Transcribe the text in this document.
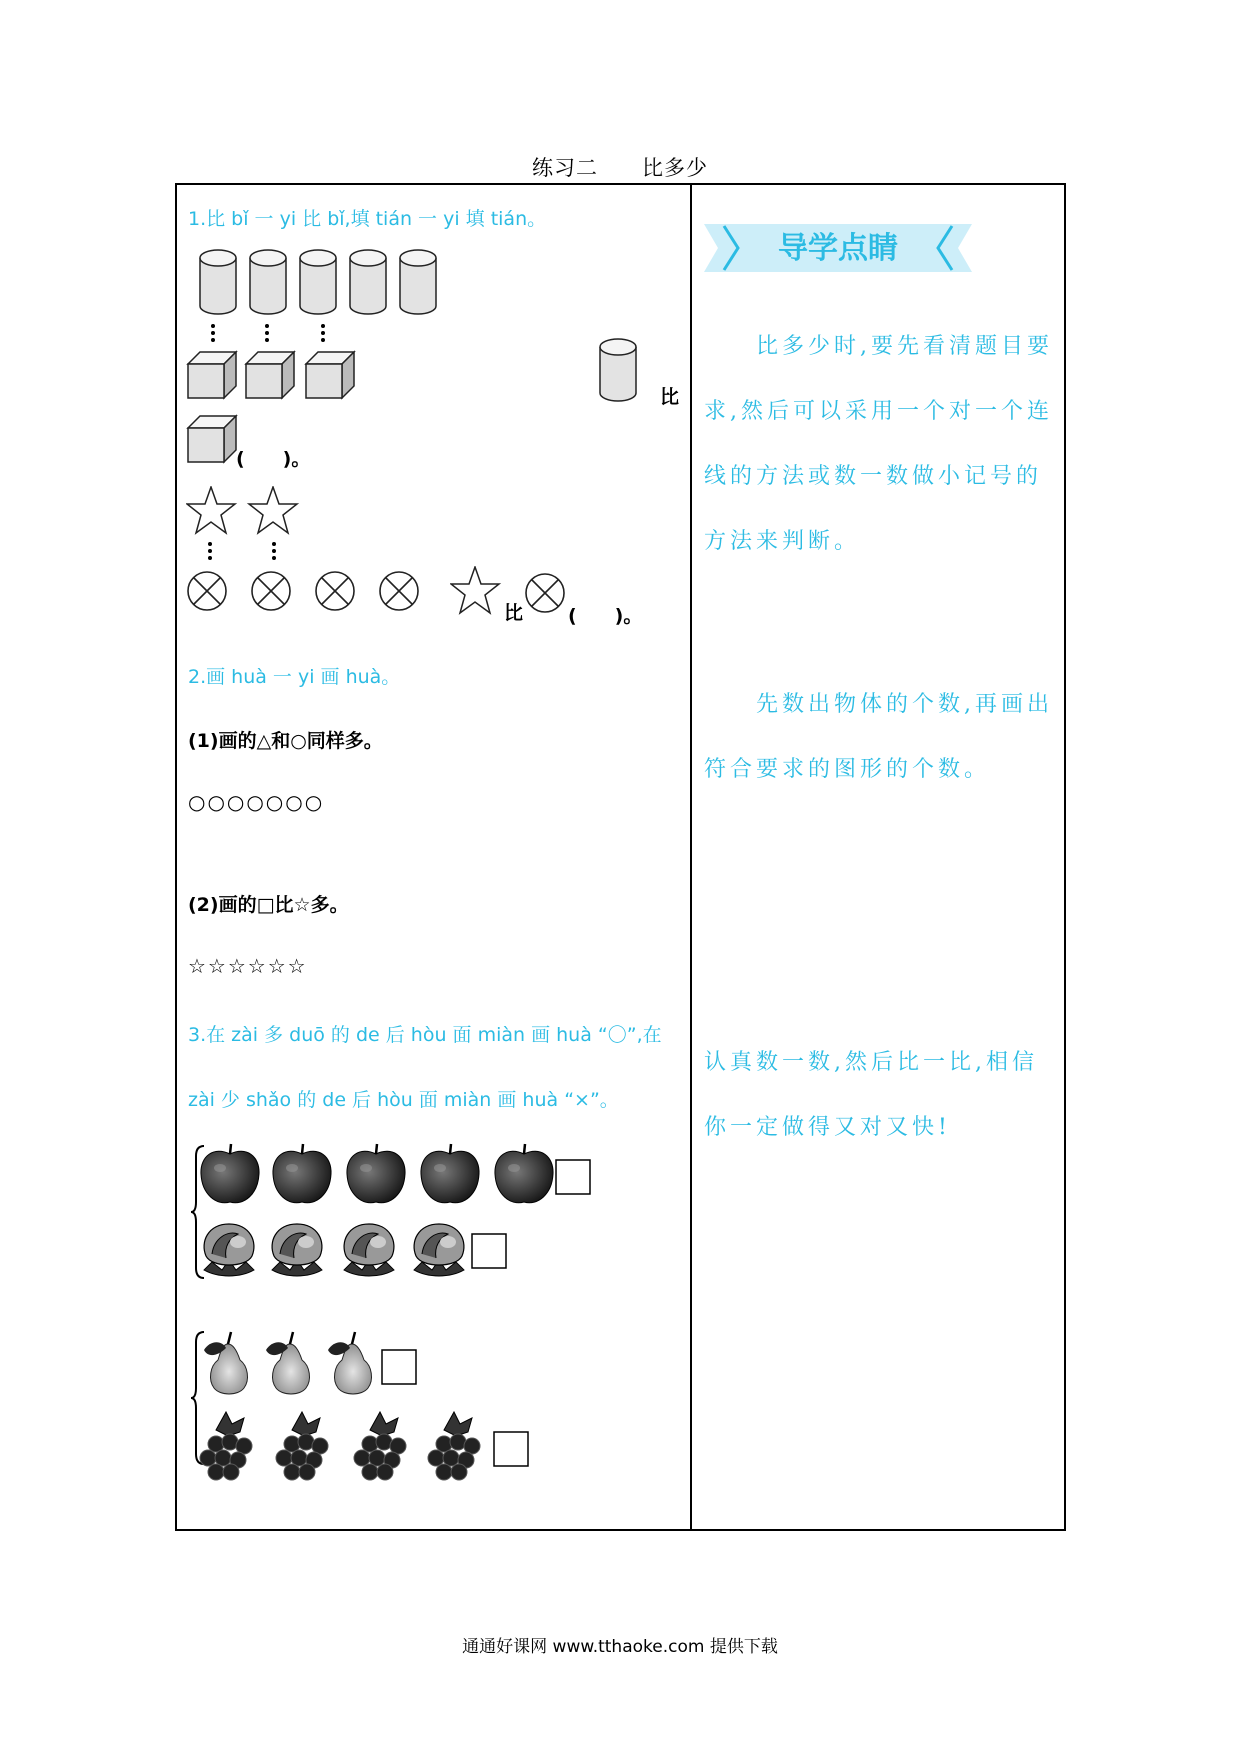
练习二　　比多少
1.比 bǐ 一 yi 比 bǐ,填 tián 一 yi 填 tián。
比
(　　)。
比 (　　)。
2.画 huà 一 yi 画 huà。
(1)画的△和○同样多。
○○○○○○○
(2)画的□比☆多。
☆☆☆☆☆☆
3.在 zài 多 duō 的 de 后 hòu 面 miàn 画 huà “〇”,在
zài 少 shǎo 的 de 后 hòu 面 miàn 画 huà “×”。
导学点睛
比多少时,要先看清题目要求,然后可以采用一个对一个连线的方法或数一数做小记号的方法来判断。
先数出物体的个数,再画出符合要求的图形的个数。
认真数一数,然后比一比,相信你一定做得又对又快!
通通好课网 www.tthaoke.com 提供下载
